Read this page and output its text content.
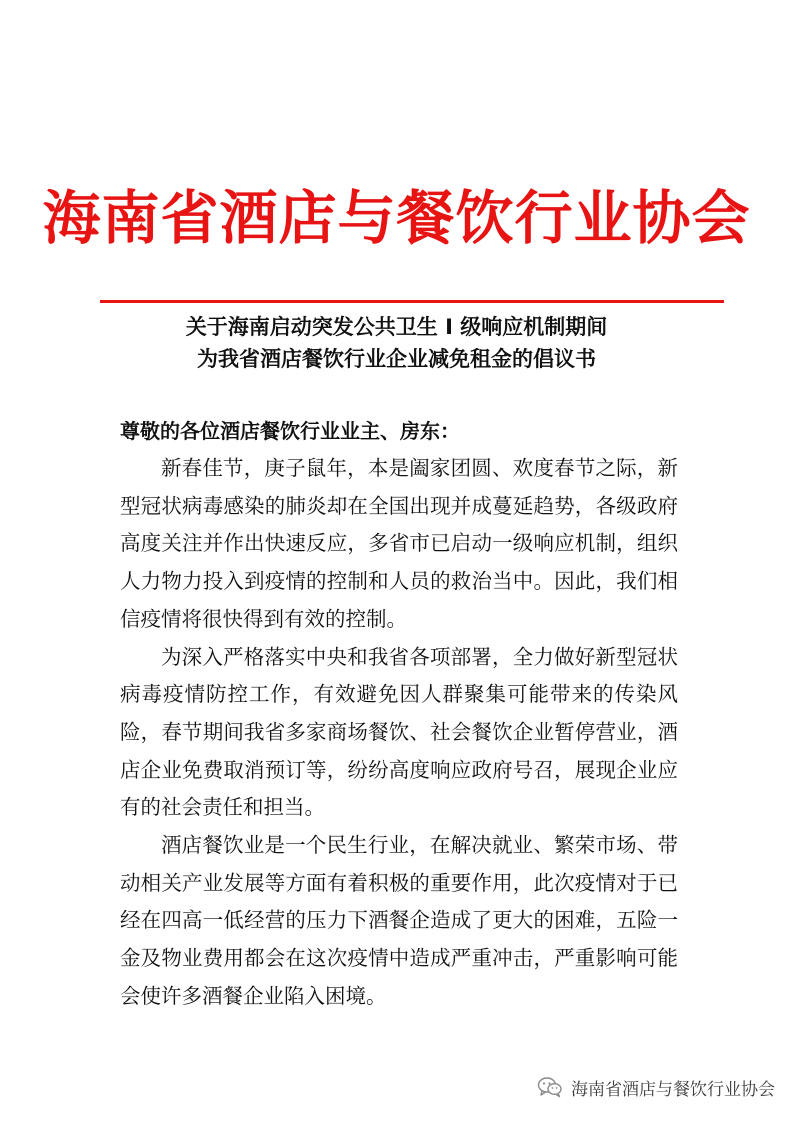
海南省酒店与餐饮行业协会
关于海南启动突发公共卫生 I 级响应机制期间
为我省酒店餐饮行业企业减免租金的倡议书

尊敬的各位酒店餐饮行业业主、房东：

新春佳节，庚子鼠年，本是阖家团圆、欢度春节之际，新型冠状病毒感染的肺炎却在全国出现并成蔓延趋势，各级政府高度关注并作出快速反应，多省市已启动一级响应机制，组织人力物力投入到疫情的控制和人员的救治当中。因此，我们相信疫情将很快得到有效的控制。

为深入严格落实中央和我省各项部署，全力做好新型冠状病毒疫情防控工作，有效避免因人群聚集可能带来的传染风险，春节期间我省多家商场餐饮、社会餐饮企业暂停营业，酒店企业免费取消预订等，纷纷高度响应政府号召，展现企业应有的社会责任和担当。

酒店餐饮业是一个民生行业，在解决就业、繁荣市场、带动相关产业发展等方面有着积极的重要作用，此次疫情对于已经在四高一低经营的压力下酒餐企造成了更大的困难，五险一金及物业费用都会在这次疫情中造成严重冲击，严重影响可能会使许多酒餐企业陷入困境。

海南省酒店与餐饮行业协会
